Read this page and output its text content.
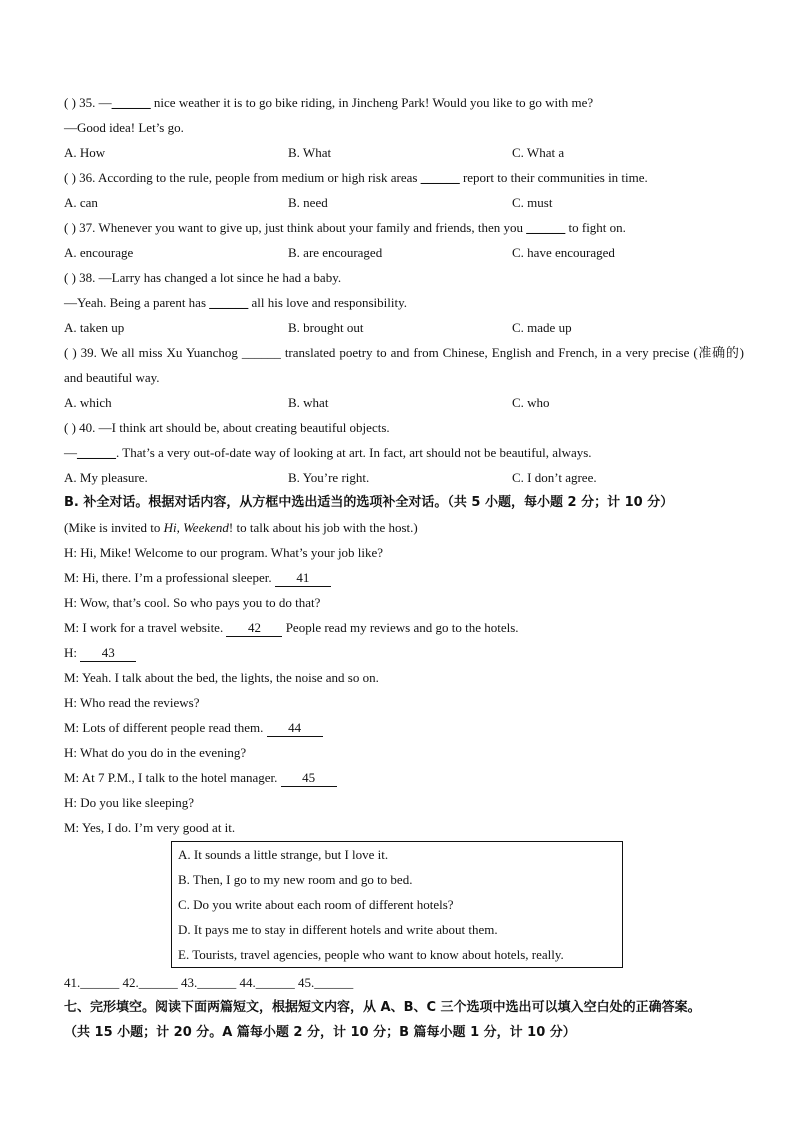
( ) 35. —______ nice weather it is to go bike riding, in Jincheng Park! Would you like to go with me?
—Good idea! Let’s go.
A. How	B. What	C. What a
( ) 36. According to the rule, people from medium or high risk areas ______ report to their communities in time.
A. can	B. need	C. must
( ) 37. Whenever you want to give up, just think about your family and friends, then you ______ to fight on.
A. encourage	B. are encouraged	C. have encouraged
( ) 38. —Larry has changed a lot since he had a baby.
—Yeah. Being a parent has ______ all his love and responsibility.
A. taken up	B. brought out	C. made up
( ) 39. We all miss Xu Yuanchog ______ translated poetry to and from Chinese, English and French, in a very precise (准确的) and beautiful way.
A. which	B. what	C. who
( ) 40. —I think art should be, about creating beautiful objects.
—______. That’s a very out-of-date way of looking at art. In fact, art should not be beautiful, always.
A. My pleasure.	B. You’re right.	C. I don’t agree.
B. 补全对话。根据对话内容，从方框中选出适当的选项补全对话。（共 5 小题，每小题 2 分；计 10 分）
(Mike is invited to Hi, Weekend! to talk about his job with the host.)
H: Hi, Mike! Welcome to our program. What’s your job like?
M: Hi, there. I’m a professional sleeper. 41
H: Wow, that’s cool. So who pays you to do that?
M: I work for a travel website. 42 People read my reviews and go to the hotels.
H: 43
M: Yeah. I talk about the bed, the lights, the noise and so on.
H: Who read the reviews?
M: Lots of different people read them. 44
H: What do you do in the evening?
M: At 7 P.M., I talk to the hotel manager. 45
H: Do you like sleeping?
M: Yes, I do. I’m very good at it.
A. It sounds a little strange, but I love it.
B. Then, I go to my new room and go to bed.
C. Do you write about each room of different hotels?
D. It pays me to stay in different hotels and write about them.
E. Tourists, travel agencies, people who want to know about hotels, really.
41.______ 42.______ 43.______ 44.______ 45.______
七、完形填空。阅读下面两篇短文，根据短文内容，从 A、B、C 三个选项中选出可以填入空白处的正确答案。
（共 15 小题；计 20 分。A 篇每小题 2 分，计 10 分；B 篇每小题 1 分，计 10 分）
